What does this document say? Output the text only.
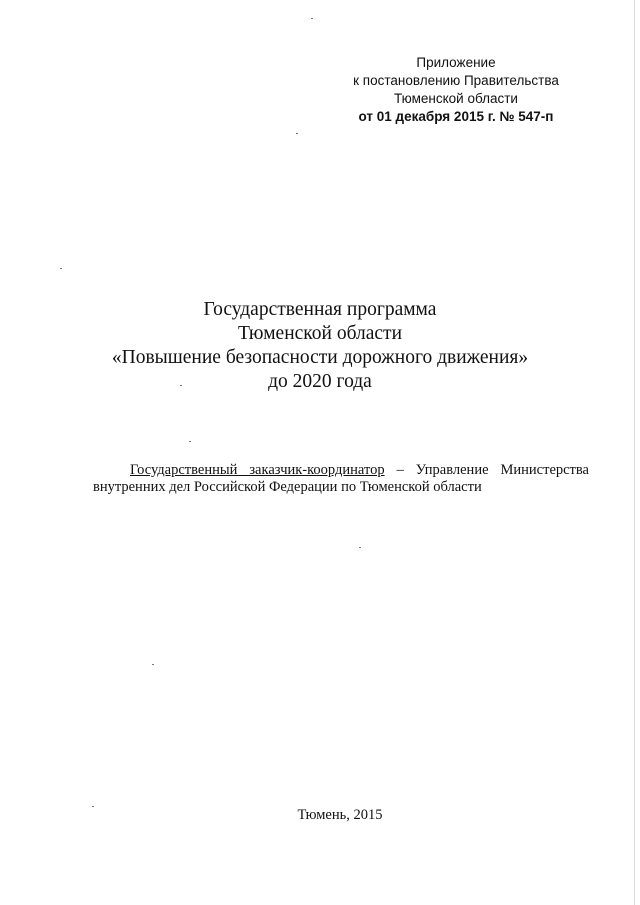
Приложение
к постановлению Правительства
Тюменской области
от 01 декабря 2015 г. № 547-п
Государственная программа
Тюменской области
«Повышение безопасности дорожного движения»
до 2020 года
Государственный заказчик-координатор – Управление Министерства внутренних дел Российской Федерации по Тюменской области
Тюмень, 2015
